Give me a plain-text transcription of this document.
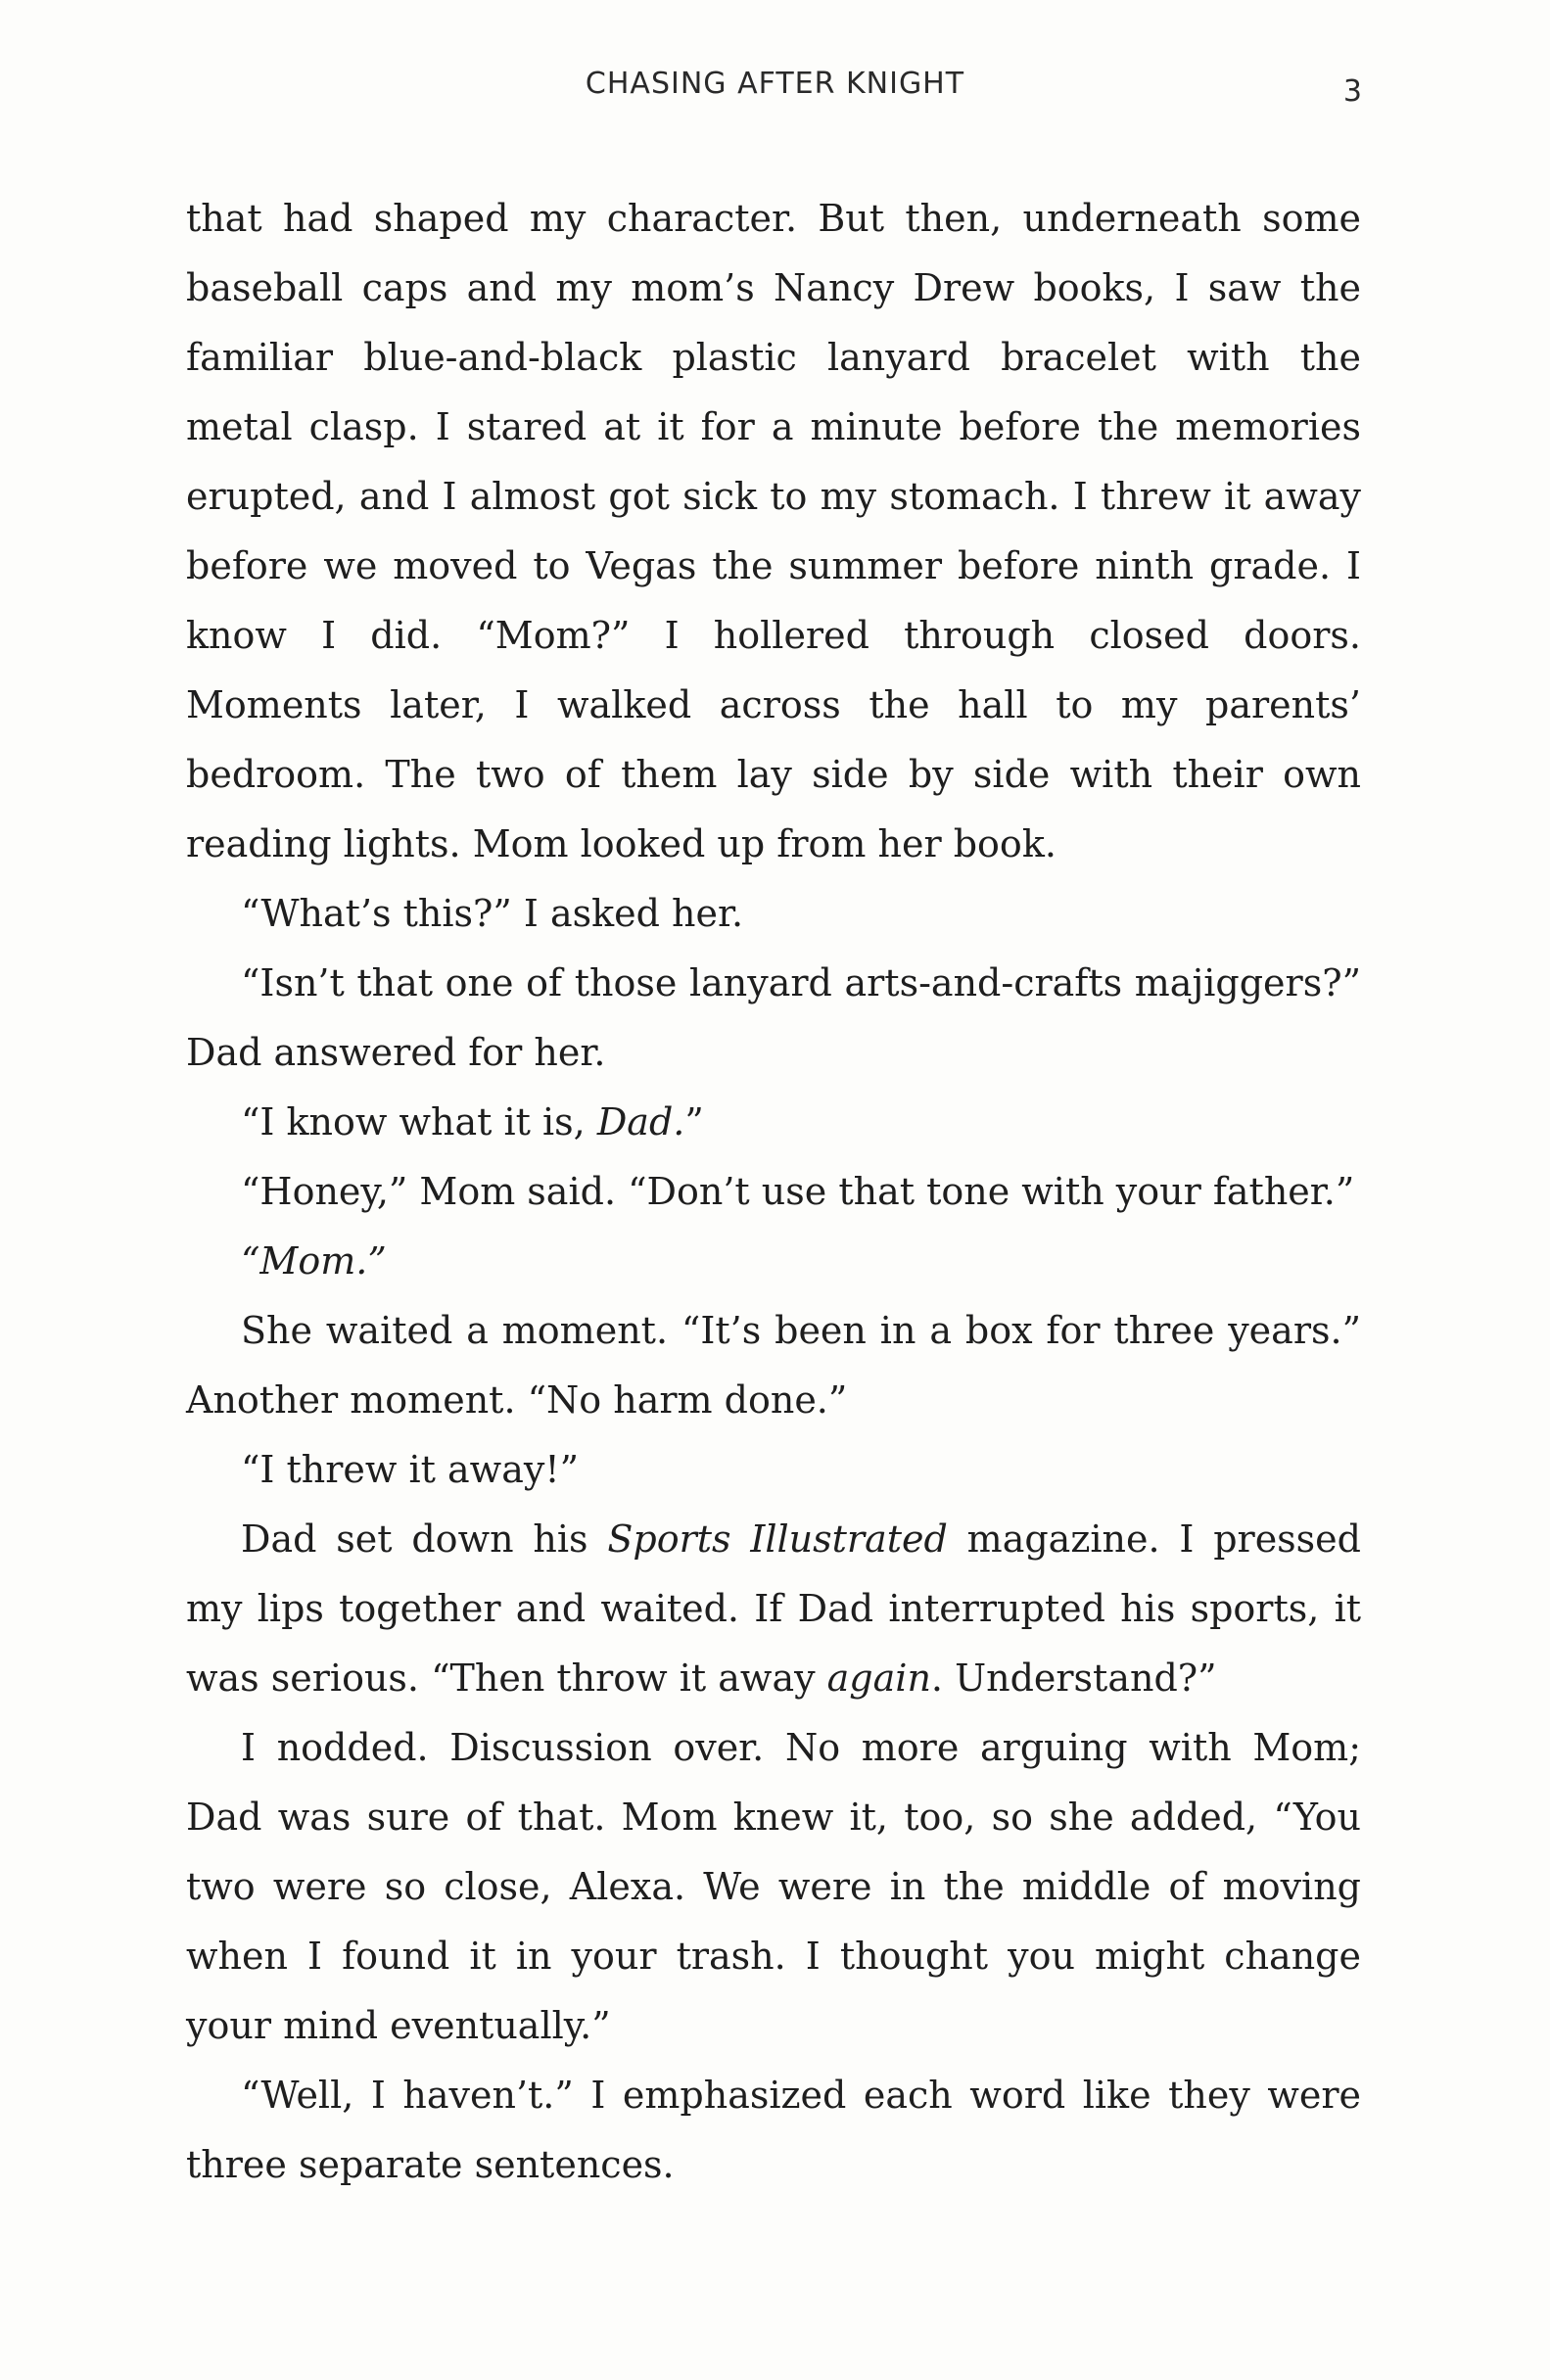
CHASING AFTER KNIGHT	3

that had shaped my character. But then, underneath some baseball caps and my mom’s Nancy Drew books, I saw the familiar blue-and-black plastic lanyard bracelet with the metal clasp. I stared at it for a minute before the memories erupted, and I almost got sick to my stomach. I threw it away before we moved to Vegas the summer before ninth grade. I know I did. “Mom?” I hollered through closed doors. Moments later, I walked across the hall to my parents’ bedroom. The two of them lay side by side with their own reading lights. Mom looked up from her book.

“What’s this?” I asked her.

“Isn’t that one of those lanyard arts-and-crafts majiggers?” Dad answered for her.

“I know what it is, Dad.”

“Honey,” Mom said. “Don’t use that tone with your father.”

“Mom.”

She waited a moment. “It’s been in a box for three years.” Another moment. “No harm done.”

“I threw it away!”

Dad set down his Sports Illustrated magazine. I pressed my lips together and waited. If Dad interrupted his sports, it was serious. “Then throw it away again. Understand?”

I nodded. Discussion over. No more arguing with Mom; Dad was sure of that. Mom knew it, too, so she added, “You two were so close, Alexa. We were in the middle of moving when I found it in your trash. I thought you might change your mind eventually.”

“Well, I haven’t.” I emphasized each word like they were three separate sentences.
